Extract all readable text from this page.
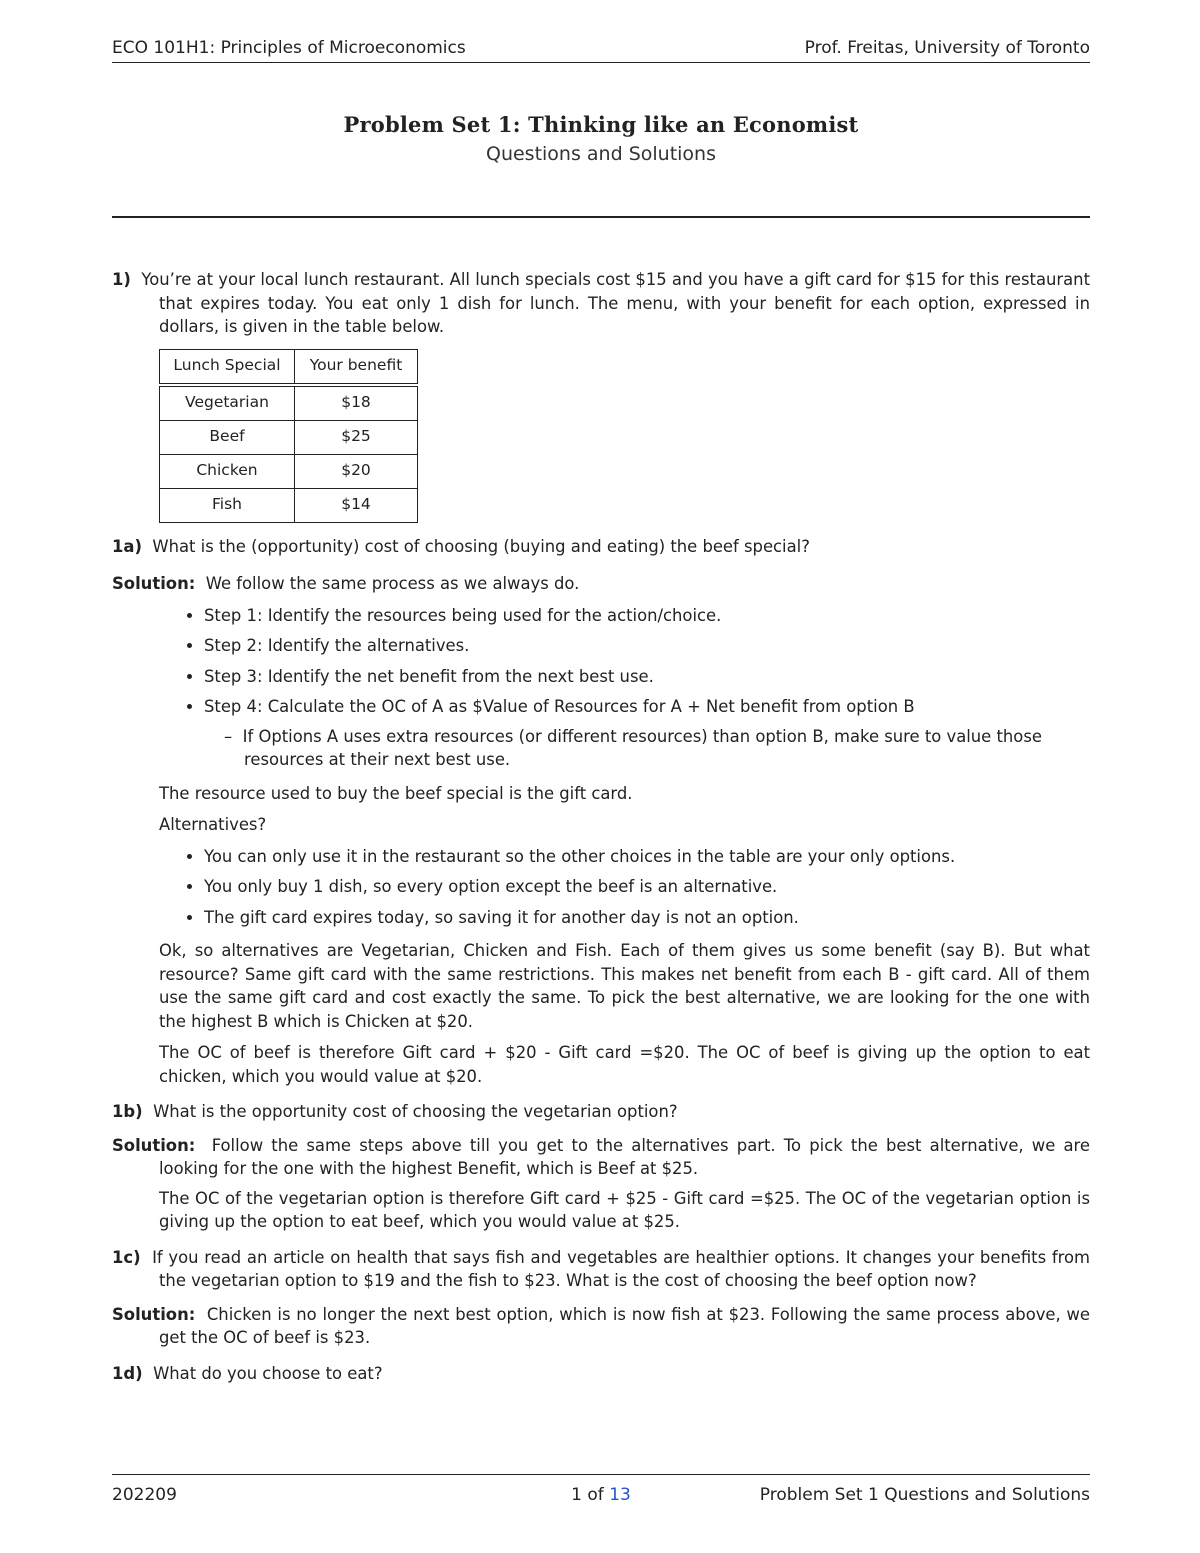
ECO 101H1: Principles of Microeconomics	Prof. Freitas, University of Toronto
Problem Set 1: Thinking like an Economist
Questions and Solutions

1) You’re at your local lunch restaurant. All lunch specials cost $15 and you have a gift card for $15 for this restaurant that expires today. You eat only 1 dish for lunch. The menu, with your benefit for each option, expressed in dollars, is given in the table below.

Lunch Special	Your benefit
Vegetarian	$18
Beef	$25
Chicken	$20
Fish	$14

1a) What is the (opportunity) cost of choosing (buying and eating) the beef special?

Solution: We follow the same process as we always do.

• Step 1: Identify the resources being used for the action/choice.
• Step 2: Identify the alternatives.
• Step 3: Identify the net benefit from the next best use.
• Step 4: Calculate the OC of A as $Value of Resources for A + Net benefit from option B
–  If Options A uses extra resources (or different resources) than option B, make sure to value those resources at their next best use.

The resource used to buy the beef special is the gift card.

Alternatives?

• You can only use it in the restaurant so the other choices in the table are your only options.
• You only buy 1 dish, so every option except the beef is an alternative.
• The gift card expires today, so saving it for another day is not an option.

Ok, so alternatives are Vegetarian, Chicken and Fish. Each of them gives us some benefit (say B). But what resource? Same gift card with the same restrictions. This makes net benefit from each B - gift card. All of them use the same gift card and cost exactly the same. To pick the best alternative, we are looking for the one with the highest B which is Chicken at $20.

The OC of beef is therefore Gift card + $20 - Gift card =$20. The OC of beef is giving up the option to eat chicken, which you would value at $20.

1b) What is the opportunity cost of choosing the vegetarian option?

Solution: Follow the same steps above till you get to the alternatives part. To pick the best alternative, we are looking for the one with the highest Benefit, which is Beef at $25.

The OC of the vegetarian option is therefore Gift card + $25 - Gift card =$25. The OC of the vegetarian option is giving up the option to eat beef, which you would value at $25.

1c) If you read an article on health that says fish and vegetables are healthier options. It changes your benefits from the vegetarian option to $19 and the fish to $23. What is the cost of choosing the beef option now?

Solution: Chicken is no longer the next best option, which is now fish at $23. Following the same process above, we get the OC of beef is $23.

1d) What do you choose to eat?

202209	1 of 13	Problem Set 1 Questions and Solutions
